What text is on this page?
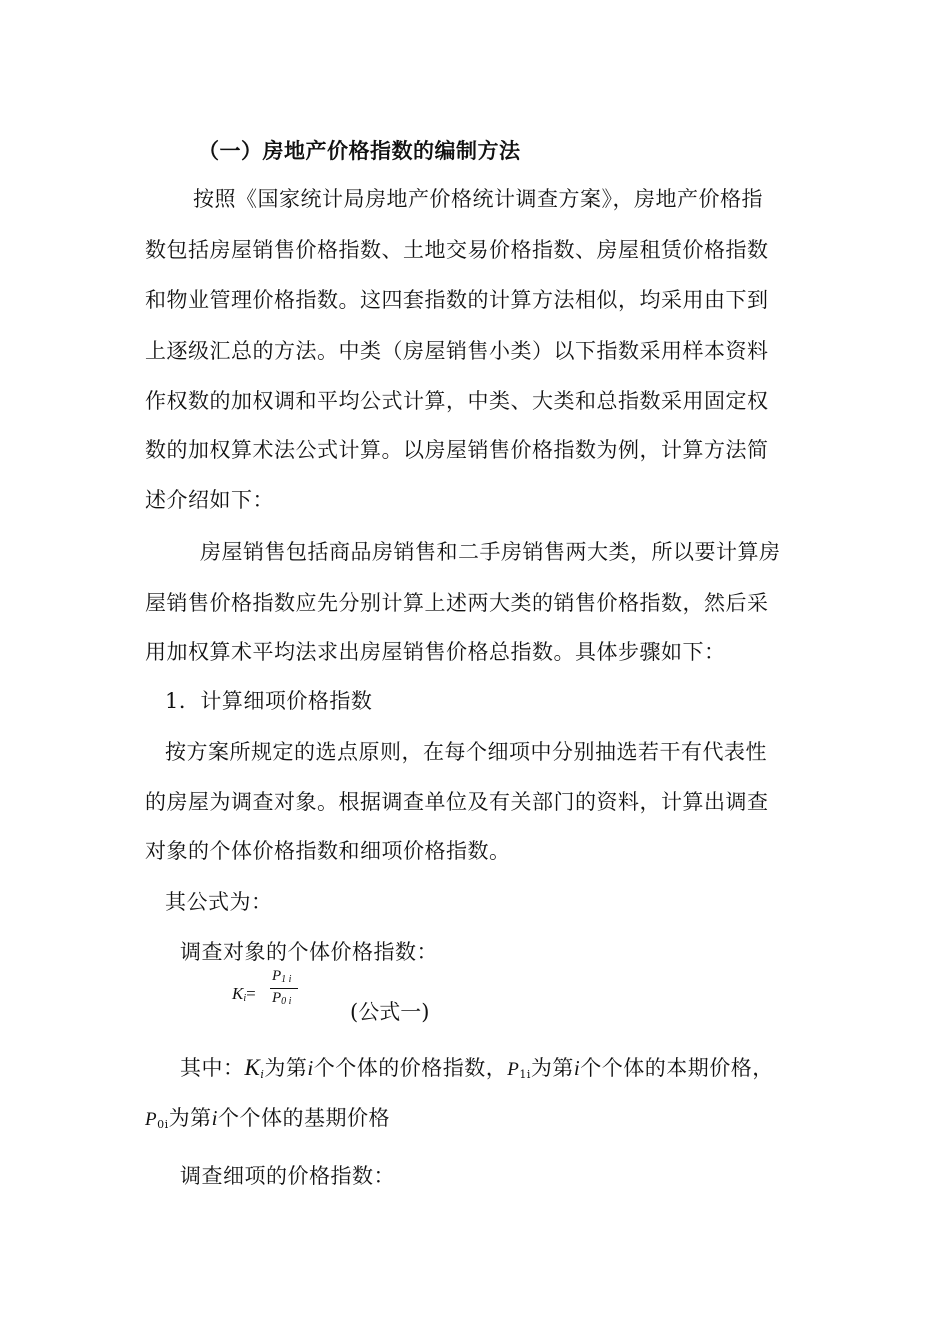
（一）房地产价格指数的编制方法
按照《国家统计局房地产价格统计调查方案》，房地产价格指
数包括房屋销售价格指数、土地交易价格指数、房屋租赁价格指数
和物业管理价格指数。这四套指数的计算方法相似，均采用由下到
上逐级汇总的方法。中类（房屋销售小类）以下指数采用样本资料
作权数的加权调和平均公式计算，中类、大类和总指数采用固定权
数的加权算术法公式计算。以房屋销售价格指数为例，计算方法简
述介绍如下：
房屋销售包括商品房销售和二手房销售两大类，所以要计算房
屋销售价格指数应先分别计算上述两大类的销售价格指数，然后采
用加权算术平均法求出房屋销售价格总指数。具体步骤如下：
1．计算细项价格指数
按方案所规定的选点原则，在每个细项中分别抽选若干有代表性
的房屋为调查对象。根据调查单位及有关部门的资料，计算出调查
对象的个体价格指数和细项价格指数。
其公式为：
调查对象的个体价格指数：
Ki=
P1 i
P0 i	(公式一)
其中：$K_i$为第i个个体的价格指数，$P_{1i}$为第i个个体的本期价格，
$P_{0i}$为第i个个体的基期价格
调查细项的价格指数：
